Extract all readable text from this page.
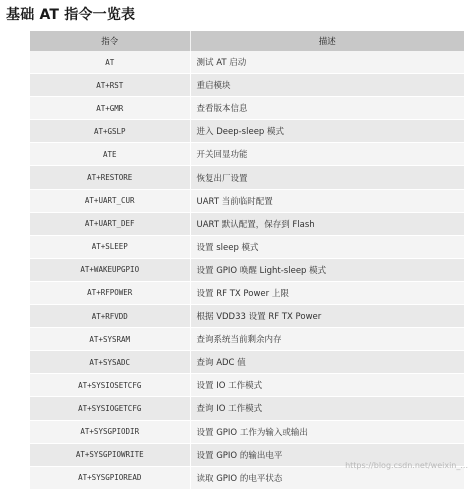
基础 AT 指令一览表
指令	描述
AT	测试 AT 启动
AT+RST	重启模块
AT+GMR	查看版本信息
AT+GSLP	进入 Deep-sleep 模式
ATE	开关回显功能
AT+RESTORE	恢复出厂设置
AT+UART_CUR	UART 当前临时配置
AT+UART_DEF	UART 默认配置，保存到 Flash
AT+SLEEP	设置 sleep 模式
AT+WAKEUPGPIO	设置 GPIO 唤醒 Light-sleep 模式
AT+RFPOWER	设置 RF TX Power 上限
AT+RFVDD	根据 VDD33 设置 RF TX Power
AT+SYSRAM	查询系统当前剩余内存
AT+SYSADC	查询 ADC 值
AT+SYSIOSETCFG	设置 IO 工作模式
AT+SYSIOGETCFG	查询 IO 工作模式
AT+SYSGPIODIR	设置 GPIO 工作为输入或输出
AT+SYSGPIOWRITE	设置 GPIO 的输出电平
AT+SYSGPIOREAD	读取 GPIO 的电平状态
https://blog.csdn.net/weixin_...
